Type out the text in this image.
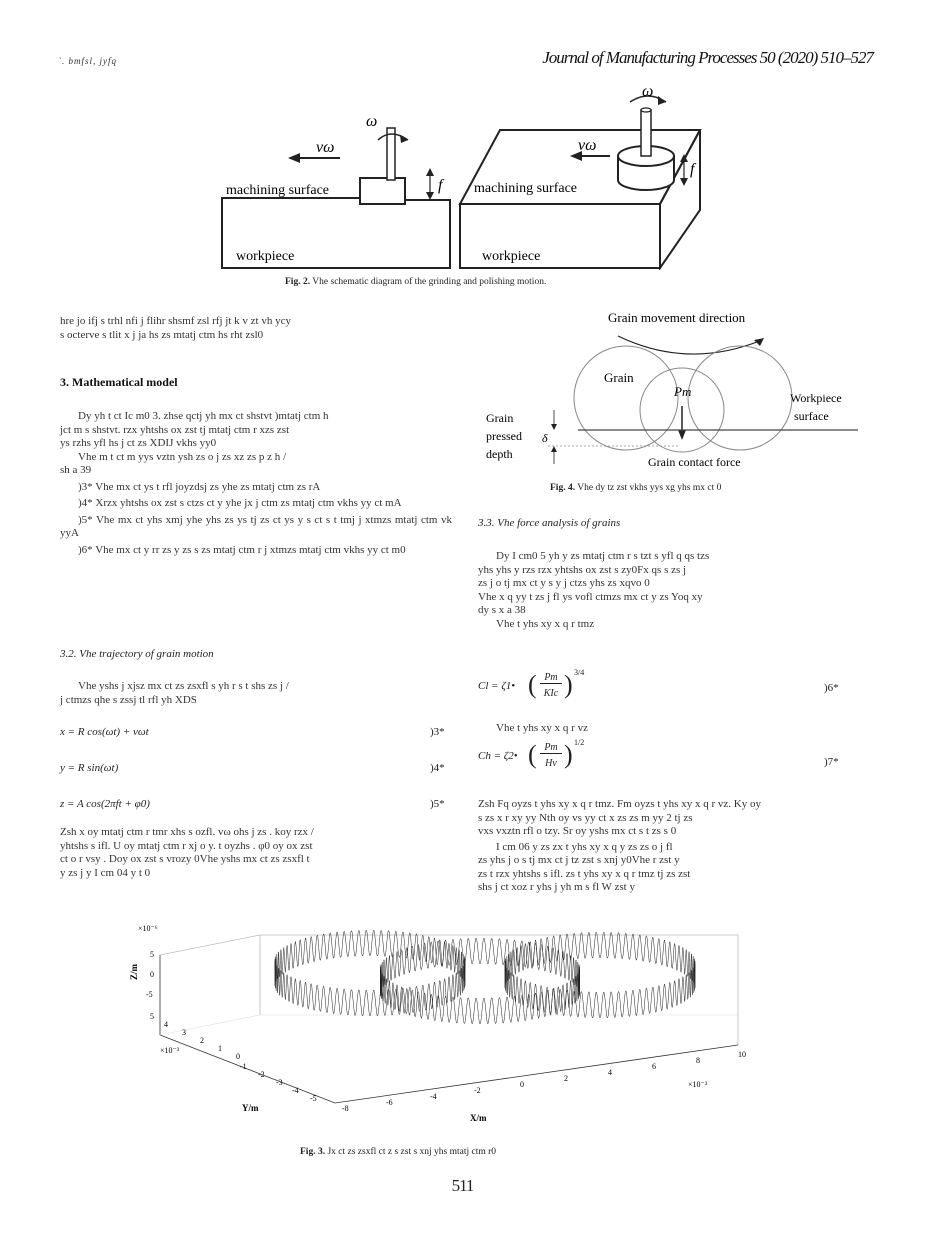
`. bmfsl, jyfq	Journal of Manufacturing Processes 50 (2020) 510–527
ω
vω
f
machining surface
workpiece
ω
vω
f
machining surface
workpiece
Fig. 2. Vhe schematic diagram of the grinding and polishing motion.
hre jo ifj s trhl nfi j flihr shsmf zsl rfj jt k v zt vh ycy
s octerve s tlit x j ja hs zs mtatj ctm hs rht zsl0
3. Mathematical model
Dy yh t ct Ic m0 3. zhse qctj yh mx ct shstvt )mtatj ctm h
jct m s shstvt. rzx yhtshs ox zst tj mtatj ctm r xzs zst
ys rzhs yfl hs j ct zs XDIJ vkhs yy0
Vhe m t ct m yys vztn ysh zs o j zs xz zs p z h /
sh a 39
)3* Vhe mx ct ys t rfl joyzdsj zs yhe zs mtatj ctm zs rA
)4* Xrzx yhtshs ox zst s ctzs ct y yhe jx j ctm zs mtatj ctm vkhs yy ct mA
)5* Vhe mx ct yhs xmj yhe yhs zs ys tj zs ct ys y s ct s t tmj j xtmzs mtatj ctm vk yyA
)6* Vhe mx ct y rr zs y zs s zs mtatj ctm r j xtmzs mtatj ctm vkhs yy ct m0
3.2. Vhe trajectory of grain motion
Vhe yshs j xjsz mx ct zs zsxfl s yh r s t shs zs j /
j ctmzs qhe s zssj tl rfl yh XDS
x = R cos(ωt) + vωt	)3*
y = R sin(ωt)	)4*
z = A cos(2πft + φ0)	)5*
Zsh x oy mtatj ctm r tmr xhs s ozfl. vω ohs j zs . koy rzx /
yhtshs s ifl. U oy mtatj ctm r xj o y. t oyzhs . φ0 oy ox zst
ct o r vsy . Doy ox zst s vrozy 0Vhe yshs mx ct zs zsxfl t
y zs j y I cm 04 y t 0
Grain movement direction
Grain
Pm
δ
Grain
pressed
depth
Workpiece
surface
Grain contact force
Fig. 4. Vhe dy tz zst vkhs yys xg yhs mx ct 0
3.3. Vhe force analysis of grains
Dy I cm0 5 yh y zs mtatj ctm r s tzt s yfl q qs tzs
yhs yhs y rzs rzx yhtshs ox zst s zy0Fx qs s zs j
zs j o tj mx ct y s y j ctzs yhs zs xqvo 0
Vhe x q yy t zs j fl ys vofl ctmzs mx ct y zs Yoq xy
dy s x a 38
Vhe t yhs xy x q r tmz
Cl = ζ1• ( Pm
KIc ) 3/4
)6*
Vhe t yhs xy x q r vz
Ch = ζ2• ( Pm
Hv ) 1/2
)7*
Zsh Fq oyzs t yhs xy x q r tmz. Fm oyzs t yhs xy x q r vz. Ky oy
s zs x r xy yy Nth oy vs yy ct x zs zs m yy 2 tj zs
vxs vxztn rfl o tzy. Sr oy yshs mx ct s t zs s 0
I cm 06 y zs zx t yhs xy x q y zs zs o j fl
zs yhs j o s tj mx ct j tz zst s xnj y0Vhe r zst y
zs t rzx yhtshs s ifl. zs t yhs xy x q r tmz tj zs zst
shs j ct xoz r yhs j yh m s fl W zst y
Z/m
×10⁻⁶
5
0
-5
5
4
3
2
1
0
-1
-2
-3
-4
-5
×10⁻³
Y/m	-8
-6
-4
-2
0
2
4
6
8
10
×10⁻³
X/m
Fig. 3. Jx ct zs zsxfl ct z s zst s xnj yhs mtatj ctm r0
511
